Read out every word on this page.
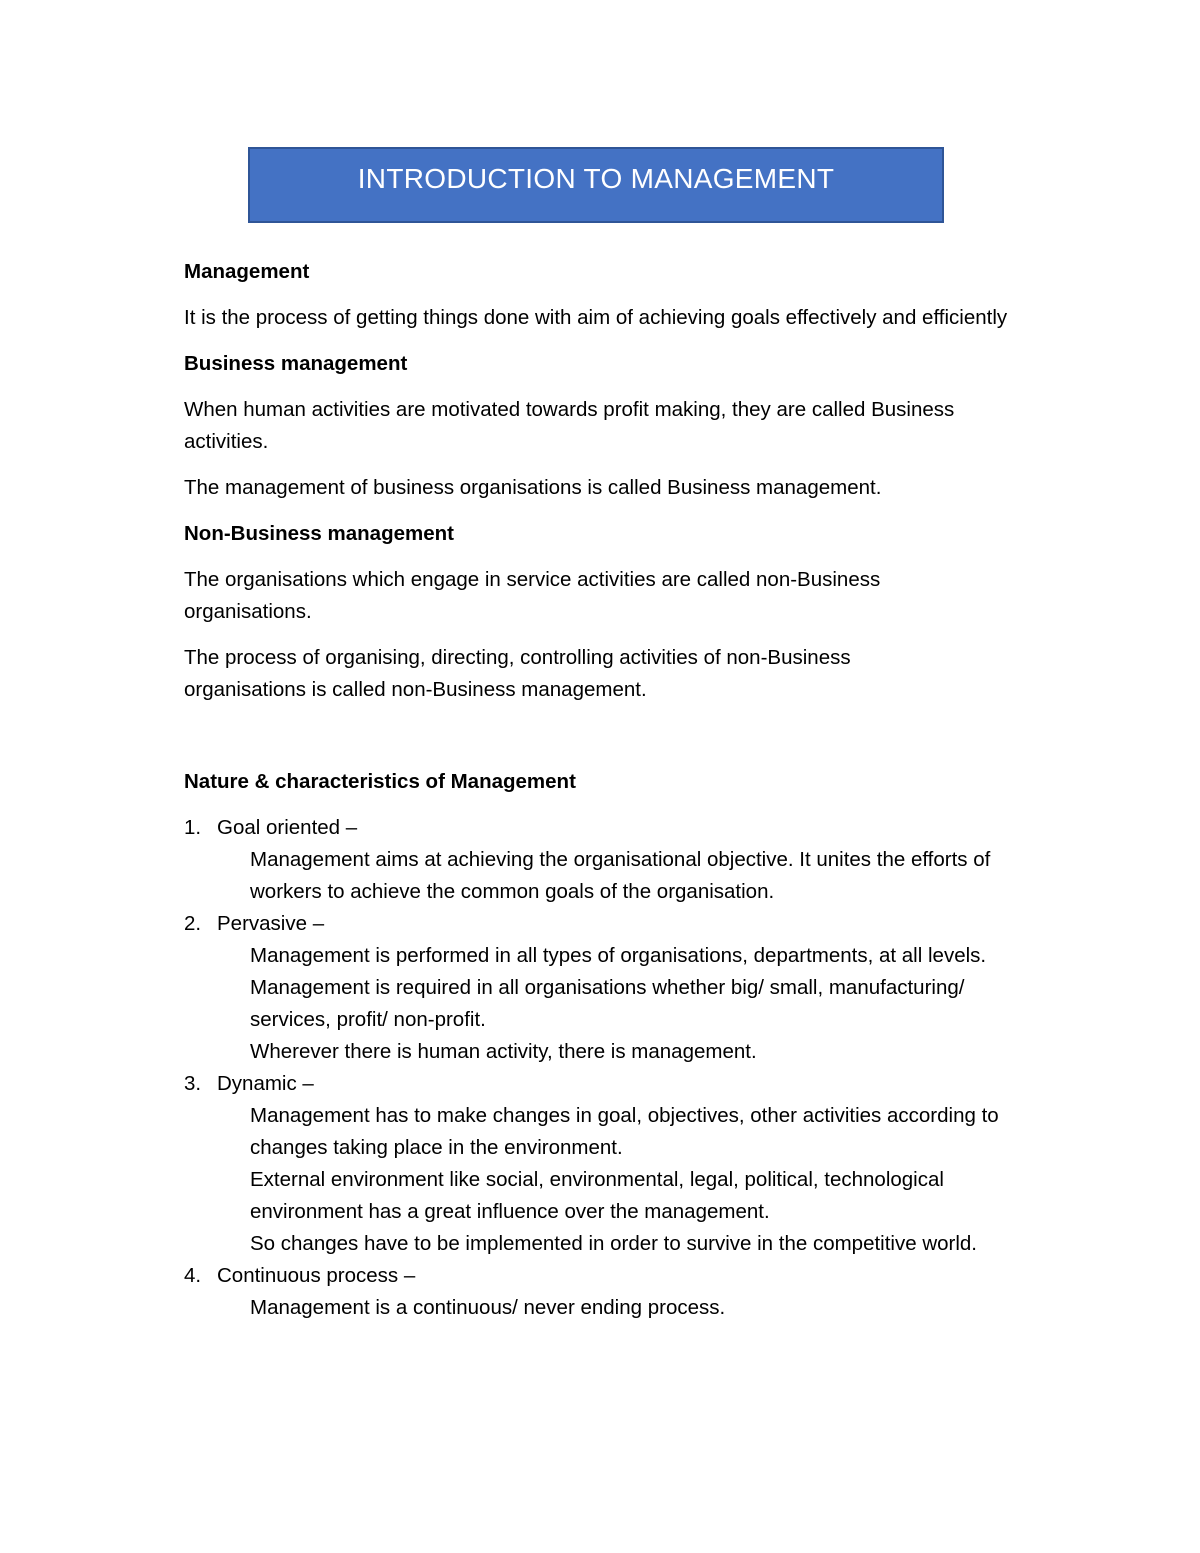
INTRODUCTION TO MANAGEMENT
Management
It is the process of getting things done with aim of achieving goals effectively and efficiently
Business management
When human activities are motivated towards profit making, they are called Business activities.
The management of business organisations is called Business management.
Non-Business management
The organisations which engage in service activities are called non-Business organisations.
The process of organising, directing, controlling activities of non-Business organisations is called non-Business management.
Nature & characteristics of Management
1. Goal oriented –
Management aims at achieving the organisational objective. It unites the efforts of workers to achieve the common goals of the organisation.
2. Pervasive –
Management is performed in all types of organisations, departments, at all levels.
Management is required in all organisations whether big/ small, manufacturing/ services, profit/ non-profit.
Wherever there is human activity, there is management.
3. Dynamic –
Management has to make changes in goal, objectives, other activities according to changes taking place in the environment.
External environment like social, environmental, legal, political, technological environment has a great influence over the management.
So changes have to be implemented in order to survive in the competitive world.
4. Continuous process –
Management is a continuous/ never ending process.
